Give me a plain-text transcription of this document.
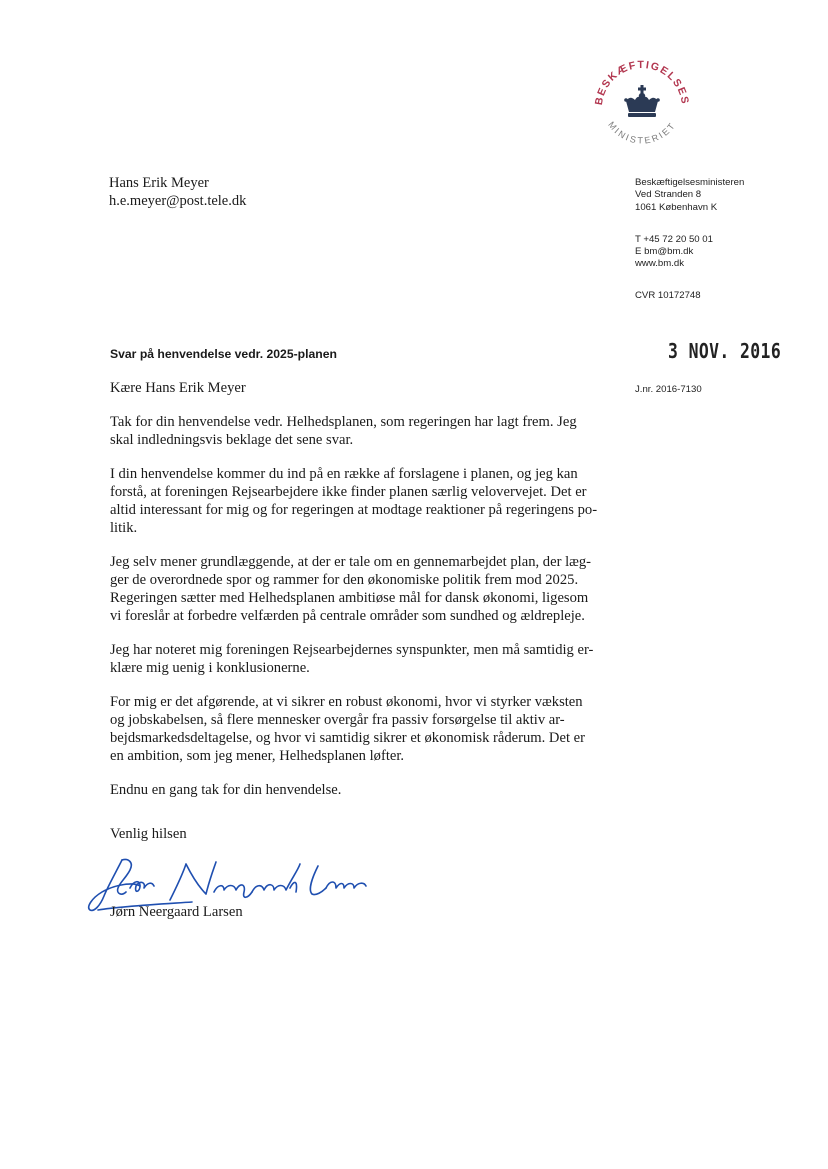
BESKÆFTIGELSES
MINISTERIET
Hans Erik Meyer
h.e.meyer@post.tele.dk
Beskæftigelsesministeren
Ved Stranden 8
1061 København K
T +45 72 20 50 01
E bm@bm.dk
www.bm.dk
CVR 10172748
3 NOV. 2016
J.nr. 2016-7130
Svar på henvendelse vedr. 2025-planen

Kære Hans Erik Meyer

Tak for din henvendelse vedr. Helhedsplanen, som regeringen har lagt frem. Jeg
skal indledningsvis beklage det sene svar.

I din henvendelse kommer du ind på en række af forslagene i planen, og jeg kan
forstå, at foreningen Rejsearbejdere ikke finder planen særlig velovervejet. Det er
altid interessant for mig og for regeringen at modtage reaktioner på regeringens po-
litik.

Jeg selv mener grundlæggende, at der er tale om en gennemarbejdet plan, der læg-
ger de overordnede spor og rammer for den økonomiske politik frem mod 2025.
Regeringen sætter med Helhedsplanen ambitiøse mål for dansk økonomi, ligesom
vi foreslår at forbedre velfærden på centrale områder som sundhed og ældrepleje.

Jeg har noteret mig foreningen Rejsearbejdernes synspunkter, men må samtidig er-
klære mig uenig i konklusionerne.

For mig er det afgørende, at vi sikrer en robust økonomi, hvor vi styrker væksten
og jobskabelsen, så flere mennesker overgår fra passiv forsørgelse til aktiv ar-
bejdsmarkedsdeltagelse, og hvor vi samtidig sikrer et økonomisk råderum. Det er
en ambition, som jeg mener, Helhedsplanen løfter.

Endnu en gang tak for din henvendelse.

Venlig hilsen

Jørn Neergaard Larsen
